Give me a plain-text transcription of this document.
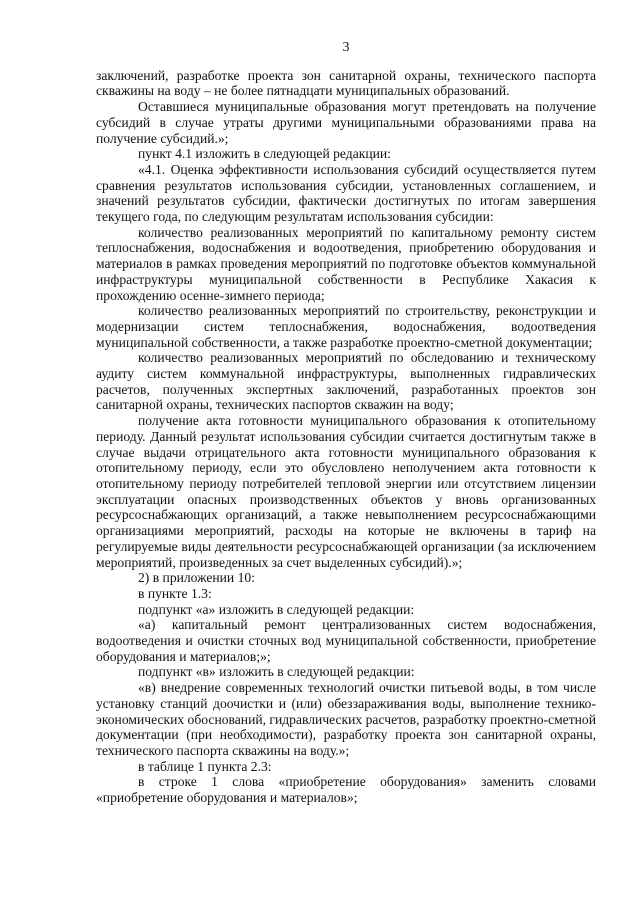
3

заключений, разработке проекта зон санитарной охраны, технического паспорта скважины на воду – не более пятнадцати муниципальных образований.

Оставшиеся муниципальные образования могут претендовать на получение субсидий в случае утраты другими муниципальными образованиями права на получение субсидий.»;

пункт 4.1 изложить в следующей редакции:

«4.1. Оценка эффективности использования субсидий осуществляется путем сравнения результатов использования субсидии, установленных соглашением, и значений результатов субсидии, фактически достигнутых по итогам завершения текущего года, по следующим результатам использования субсидии:

количество реализованных мероприятий по капитальному ремонту систем теплоснабжения, водоснабжения и водоотведения, приобретению оборудования и материалов в рамках проведения мероприятий по подготовке объектов коммунальной инфраструктуры муниципальной собственности в Республике Хакасия к прохождению осенне-зимнего периода;

количество реализованных мероприятий по строительству, реконструкции и модернизации систем теплоснабжения, водоснабжения, водоотведения муниципальной собственности, а также разработке проектно-сметной документации;

количество реализованных мероприятий по обследованию и техническому аудиту систем коммунальной инфраструктуры, выполненных гидравлических расчетов, полученных экспертных заключений, разработанных проектов зон санитарной охраны, технических паспортов скважин на воду;

получение акта готовности муниципального образования к отопительному периоду. Данный результат использования субсидии считается достигнутым также в случае выдачи отрицательного акта готовности муниципального образования к отопительному периоду, если это обусловлено неполучением акта готовности к отопительному периоду потребителей тепловой энергии или отсутствием лицензии эксплуатации опасных производственных объектов у вновь организованных ресурсоснабжающих организаций, а также невыполнением ресурсоснабжающими организациями мероприятий, расходы на которые не включены в тариф на регулируемые виды деятельности ресурсоснабжающей организации (за исключением мероприятий, произведенных за счет выделенных субсидий).»;

2) в приложении 10:

в пункте 1.3:

подпункт «а» изложить в следующей редакции:

«а) капитальный ремонт централизованных систем водоснабжения, водоотведения и очистки сточных вод муниципальной собственности, приобретение оборудования и материалов;»;

подпункт «в» изложить в следующей редакции:

«в) внедрение современных технологий очистки питьевой воды, в том числе установку станций доочистки и (или) обеззараживания воды, выполнение технико-экономических обоснований, гидравлических расчетов, разработку проектно-сметной документации (при необходимости), разработку проекта зон санитарной охраны, технического паспорта скважины на воду.»;

в таблице 1 пункта 2.3:

в строке 1 слова «приобретение оборудования» заменить словами «приобретение оборудования и материалов»;
